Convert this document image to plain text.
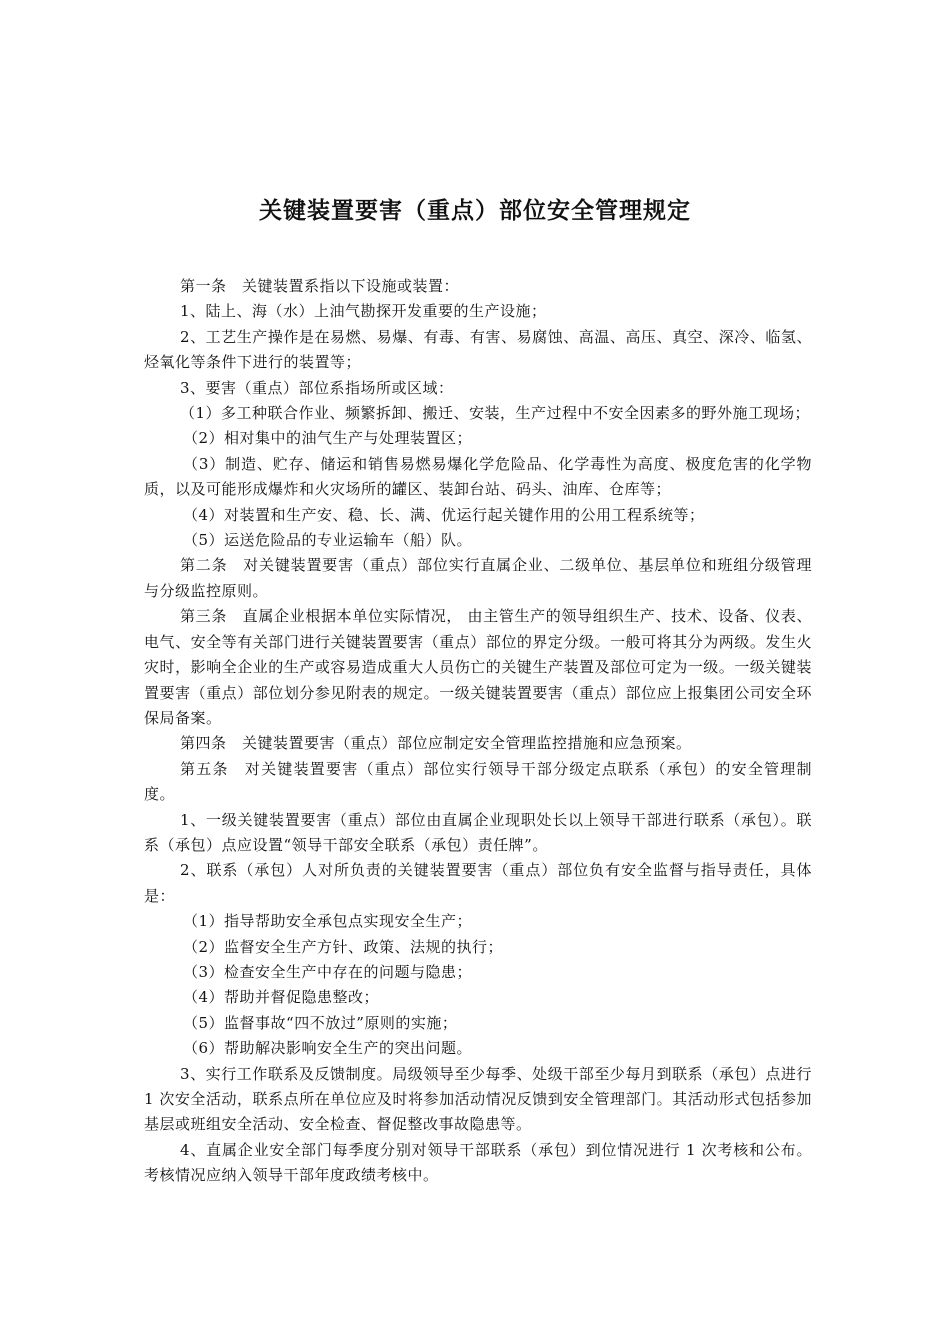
关键装置要害（重点）部位安全管理规定

第一条　关键装置系指以下设施或装置：

1、陆上、海（水）上油气勘探开发重要的生产设施；

2、工艺生产操作是在易燃、易爆、有毒、有害、易腐蚀、高温、高压、真空、深冷、临氢、烃氧化等条件下进行的装置等；

3、要害（重点）部位系指场所或区域：

（1）多工种联合作业、频繁拆卸、搬迁、安装，生产过程中不安全因素多的野外施工现场；

（2）相对集中的油气生产与处理装置区；

（3）制造、贮存、储运和销售易燃易爆化学危险品、化学毒性为高度、极度危害的化学物质，以及可能形成爆炸和火灾场所的罐区、装卸台站、码头、油库、仓库等；

（4）对装置和生产安、稳、长、满、优运行起关键作用的公用工程系统等；

（5）运送危险品的专业运输车（船）队。

第二条　对关键装置要害（重点）部位实行直属企业、二级单位、基层单位和班组分级管理与分级监控原则。

第三条　直属企业根据本单位实际情况， 由主管生产的领导组织生产、技术、设备、仪表、电气、安全等有关部门进行关键装置要害（重点）部位的界定分级。一般可将其分为两级。发生火灾时，影响全企业的生产或容易造成重大人员伤亡的关键生产装置及部位可定为一级。一级关键装置要害（重点）部位划分参见附表的规定。一级关键装置要害（重点）部位应上报集团公司安全环保局备案。

第四条　关键装置要害（重点）部位应制定安全管理监控措施和应急预案。

第五条　对关键装置要害（重点）部位实行领导干部分级定点联系（承包）的安全管理制度。

1、一级关键装置要害（重点）部位由直属企业现职处长以上领导干部进行联系（承包）。联系（承包）点应设置“领导干部安全联系（承包）责任牌”。

2、联系（承包）人对所负责的关键装置要害（重点）部位负有安全监督与指导责任，具体是：

（1）指导帮助安全承包点实现安全生产；

（2）监督安全生产方针、政策、法规的执行；

（3）检查安全生产中存在的问题与隐患；

（4）帮助并督促隐患整改；

（5）监督事故“四不放过”原则的实施；

（6）帮助解决影响安全生产的突出问题。

3、实行工作联系及反馈制度。局级领导至少每季、处级干部至少每月到联系（承包）点进行 1 次安全活动，联系点所在单位应及时将参加活动情况反馈到安全管理部门。其活动形式包括参加基层或班组安全活动、安全检查、督促整改事故隐患等。

4、直属企业安全部门每季度分别对领导干部联系（承包）到位情况进行 1 次考核和公布。考核情况应纳入领导干部年度政绩考核中。
